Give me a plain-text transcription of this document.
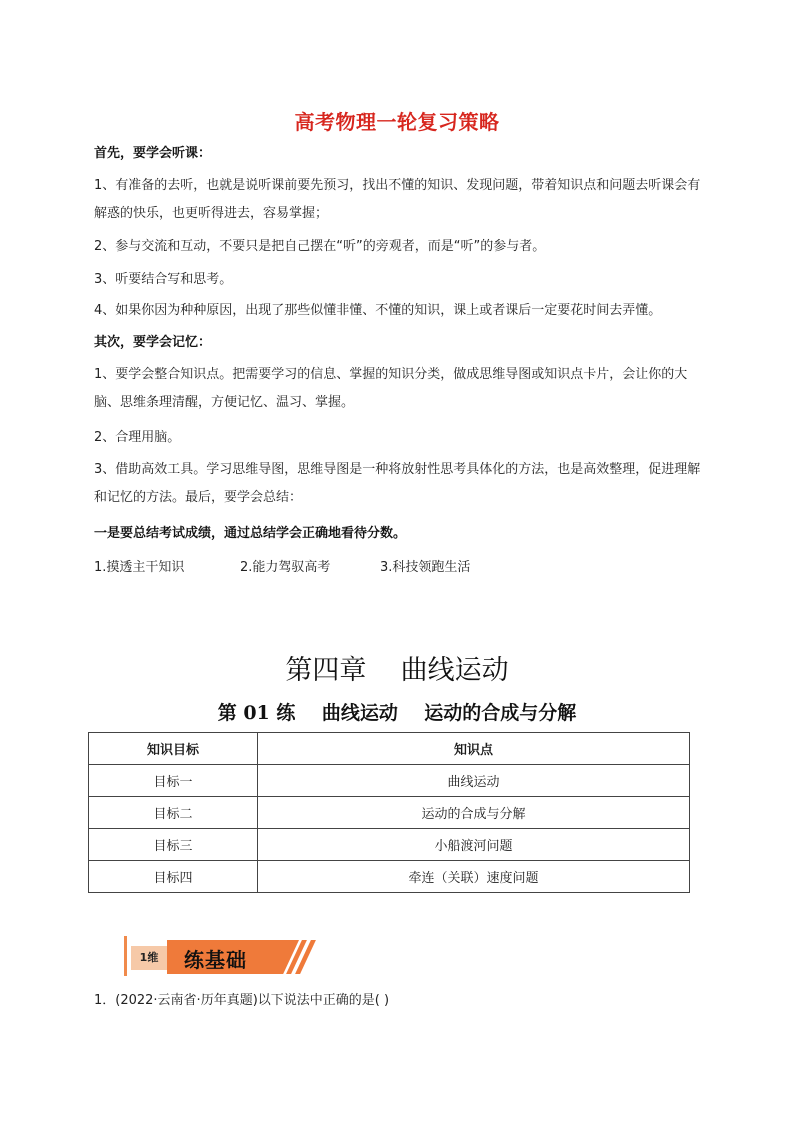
高考物理一轮复习策略
首先，要学会听课：
1、有准备的去听，也就是说听课前要先预习，找出不懂的知识、发现问题，带着知识点和问题去听课会有解惑的快乐，也更听得进去，容易掌握；
2、参与交流和互动，不要只是把自己摆在“听”的旁观者，而是“听”的参与者。
3、听要结合写和思考。
4、如果你因为种种原因，出现了那些似懂非懂、不懂的知识，课上或者课后一定要花时间去弄懂。
其次，要学会记忆：
1、要学会整合知识点。把需要学习的信息、掌握的知识分类，做成思维导图或知识点卡片，会让你的大脑、思维条理清醒，方便记忆、温习、掌握。
2、合理用脑。
3、借助高效工具。学习思维导图，思维导图是一种将放射性思考具体化的方法，也是高效整理，促进理解和记忆的方法。最后，要学会总结：
一是要总结考试成绩，通过总结学会正确地看待分数。
1.摸透主干知识	2.能力驾驭高考	3.科技领跑生活
第四章    曲线运动
第 01 练    曲线运动    运动的合成与分解
知识目标	知识点
目标一	曲线运动
目标二	运动的合成与分解
目标三	小船渡河问题
目标四	牵连（关联）速度问题
1维	练基础
1．(2022·云南省·历年真题)以下说法中正确的是( )
